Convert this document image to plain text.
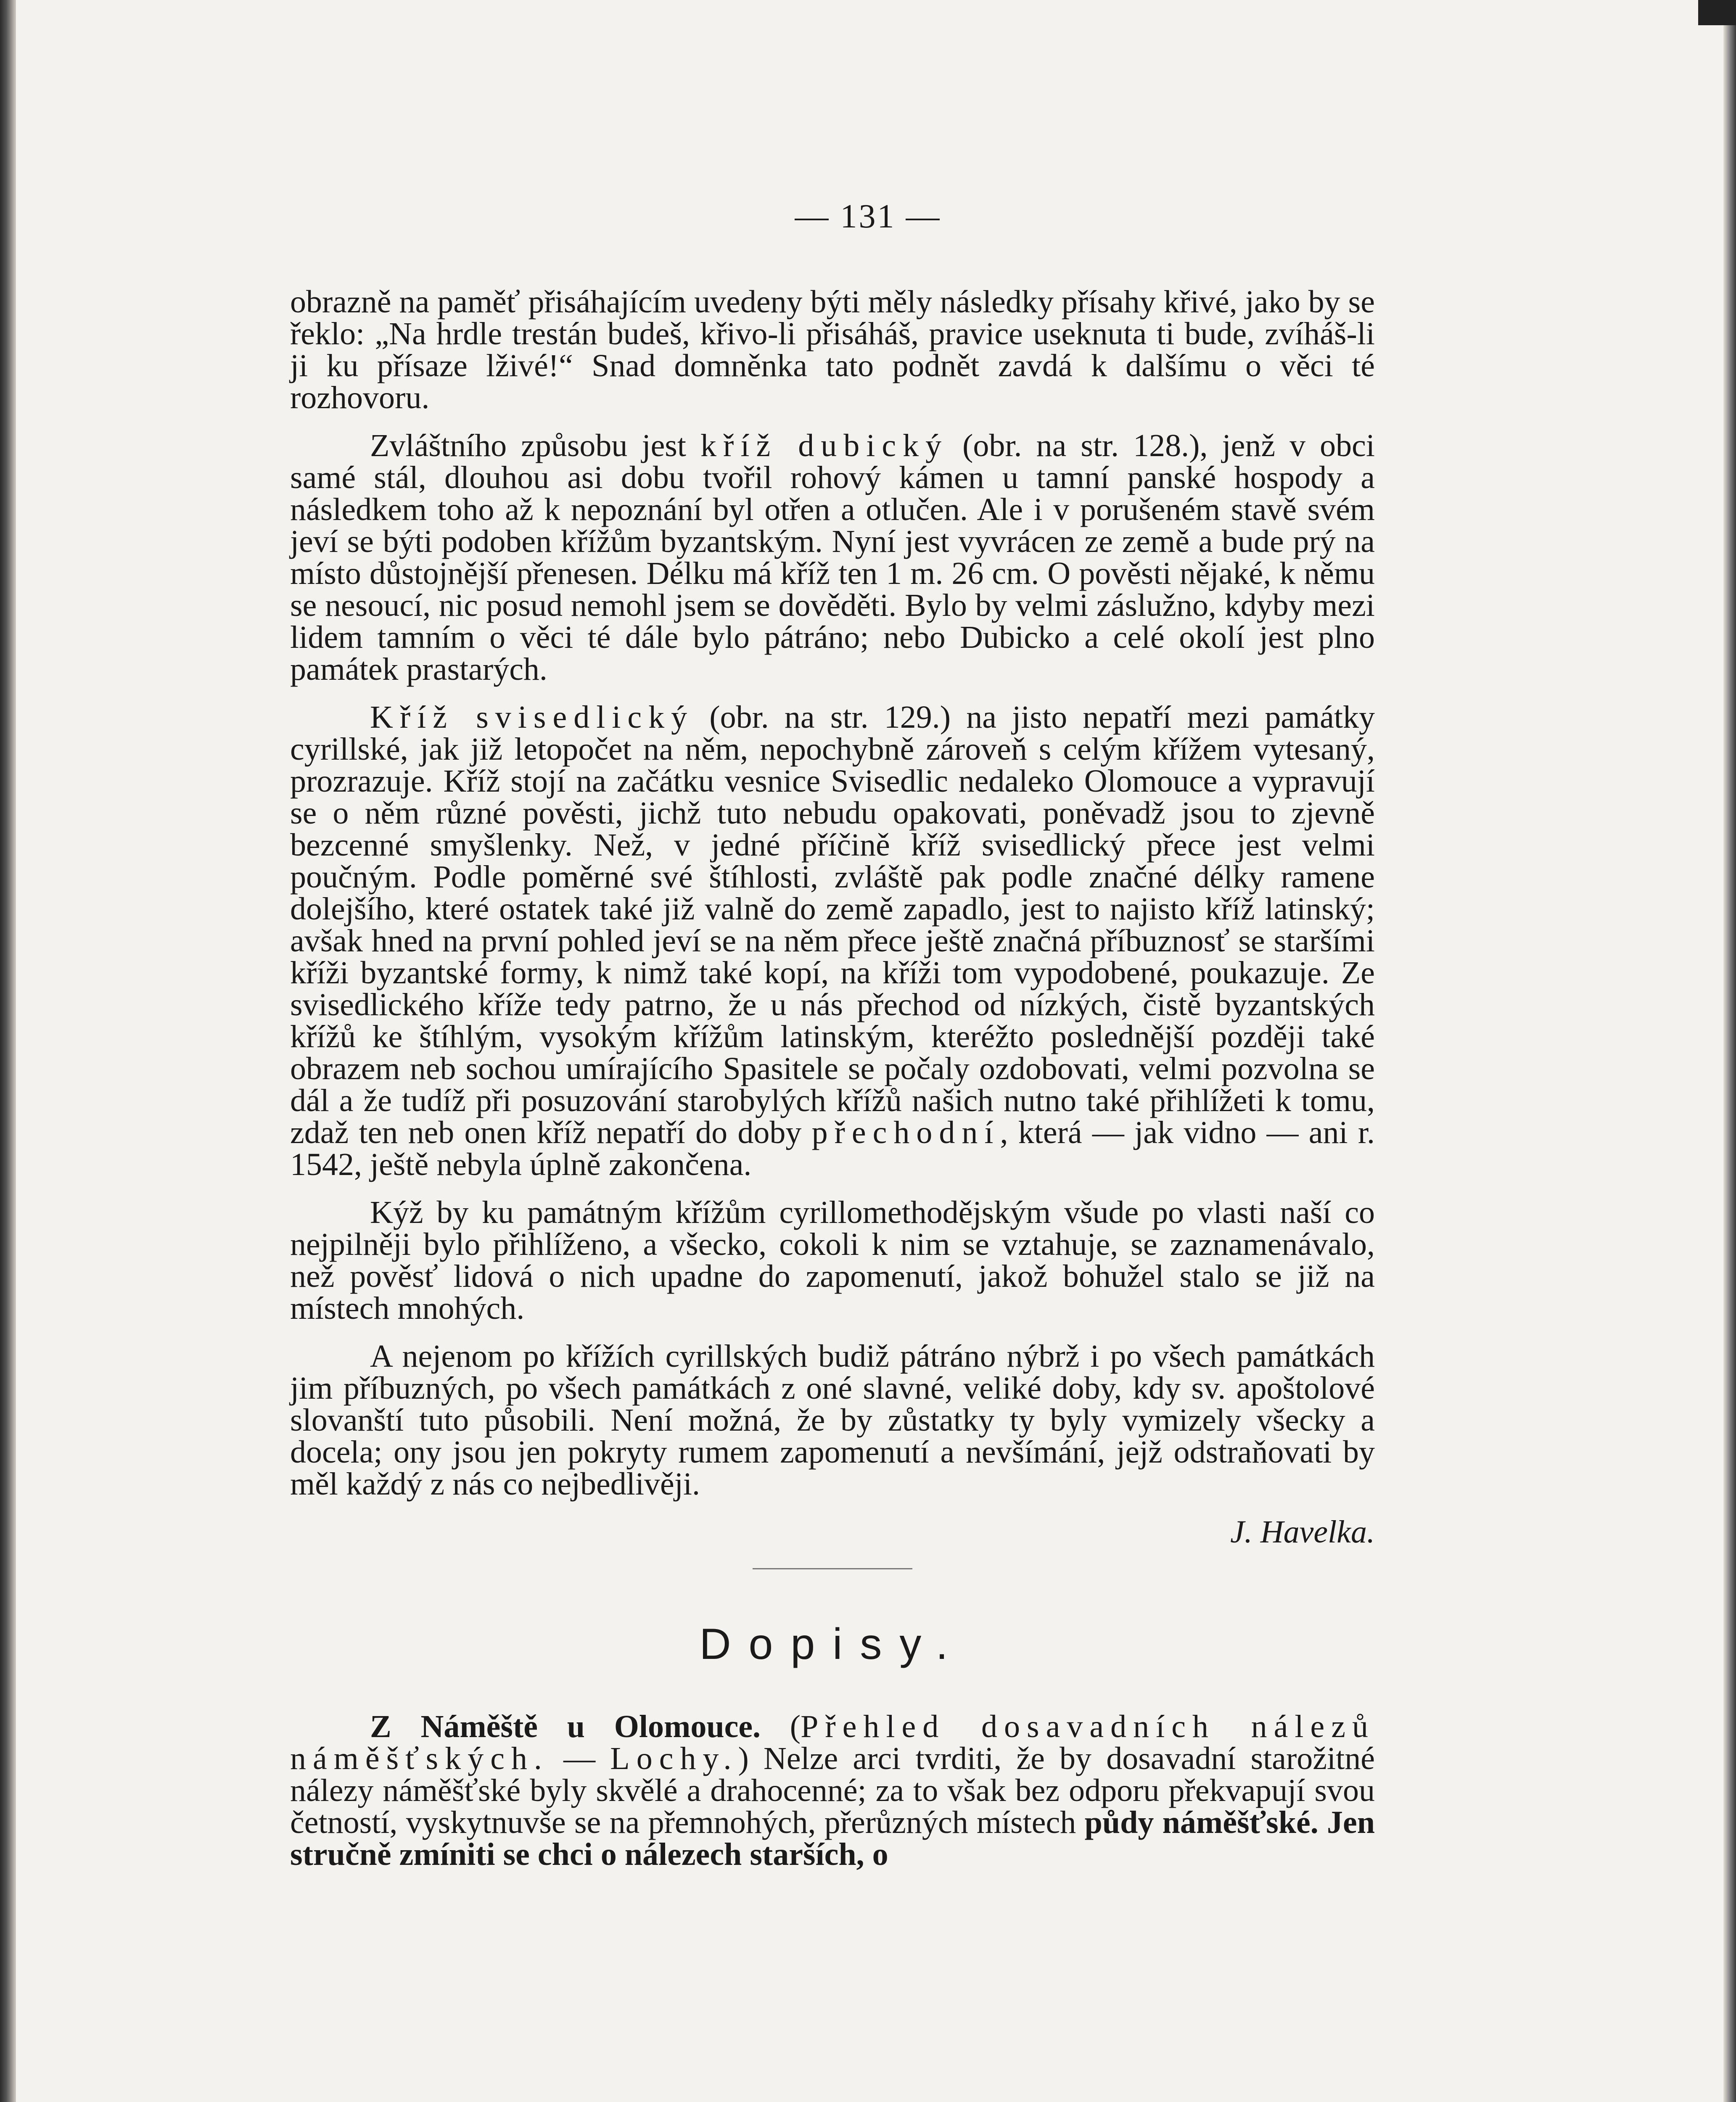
— 131 —

obrazně na paměť přisáhajícím uvedeny býti měly následky přísahy křivé, jako by se řeklo: „Na hrdle trestán budeš, křivo-li přisáháš, pravice useknuta ti bude, zvíháš-li ji ku přísaze lživé!“ Snad domněnka tato podnět zavdá k dalšímu o věci té rozhovoru.

Zvláštního způsobu jest kříž dubický (obr. na str. 128.), jenž v obci samé stál, dlouhou asi dobu tvořil rohový kámen u tamní panské hospody a následkem toho až k nepoznání byl otřen a otlučen. Ale i v porušeném stavě svém jeví se býti podoben křížům byzantským. Nyní jest vyvrácen ze země a bude prý na místo důstojnější přenesen. Délku má kříž ten 1 m. 26 cm. O pověsti nějaké, k němu se nesoucí, nic posud nemohl jsem se dověděti. Bylo by velmi záslužno, kdyby mezi lidem tamním o věci té dále bylo pátráno; nebo Dubicko a celé okolí jest plno památek prastarých.

Kříž svisedlický (obr. na str. 129.) na jisto nepatří mezi památky cyrillské, jak již letopočet na něm, nepochybně zároveň s celým křížem vytesaný, prozrazuje. Kříž stojí na začátku vesnice Svisedlic nedaleko Olomouce a vypravují se o něm různé pověsti, jichž tuto nebudu opakovati, poněvadž jsou to zjevně bezcenné smyšlenky. Než, v jedné příčině kříž svisedlický přece jest velmi poučným. Podle poměrné své štíhlosti, zvláště pak podle značné délky ramene dolejšího, které ostatek také již valně do země zapadlo, jest to najisto kříž latinský; avšak hned na první pohled jeví se na něm přece ještě značná příbuznosť se staršími kříži byzantské formy, k nimž také kopí, na kříži tom vypodobené, poukazuje. Ze svisedlického kříže tedy patrno, že u nás přechod od nízkých, čistě byzantských křížů ke štíhlým, vysokým křížům latinským, kteréžto poslednější později také obrazem neb sochou umírajícího Spasitele se počaly ozdobovati, velmi pozvolna se dál a že tudíž při posuzování starobylých křížů našich nutno také přihlížeti k tomu, zdaž ten neb onen kříž nepatří do doby přechodní, která — jak vidno — ani r. 1542, ještě nebyla úplně zakončena.

Kýž by ku památným křížům cyrillomethodějským všude po vlasti naší co nejpilněji bylo přihlíženo, a všecko, cokoli k nim se vztahuje, se zaznamenávalo, než pověsť lidová o nich upadne do zapomenutí, jakož bohužel stalo se již na místech mnohých.

A nejenom po křížích cyrillských budiž pátráno nýbrž i po všech památkách jim příbuzných, po všech památkách z oné slavné, veliké doby, kdy sv. apoštolové slovanští tuto působili. Není možná, že by zůstatky ty byly vymizely všecky a docela; ony jsou jen pokryty rumem zapomenutí a nevšímání, jejž odstraňovati by měl každý z nás co nejbedlivěji.

J. Havelka.

Dopisy.

Z Náměště u Olomouce. (Přehled dosavadních nálezů náměšťských. — Lochy.) Nelze arci tvrditi, že by dosavadní starožitné nálezy náměšťské byly skvělé a drahocenné; za to však bez odporu překvapují svou četností, vyskytnuvše se na přemnohých, přerůzných místech půdy náměšťské. Jen stručně zmíniti se chci o nálezech starších, o
